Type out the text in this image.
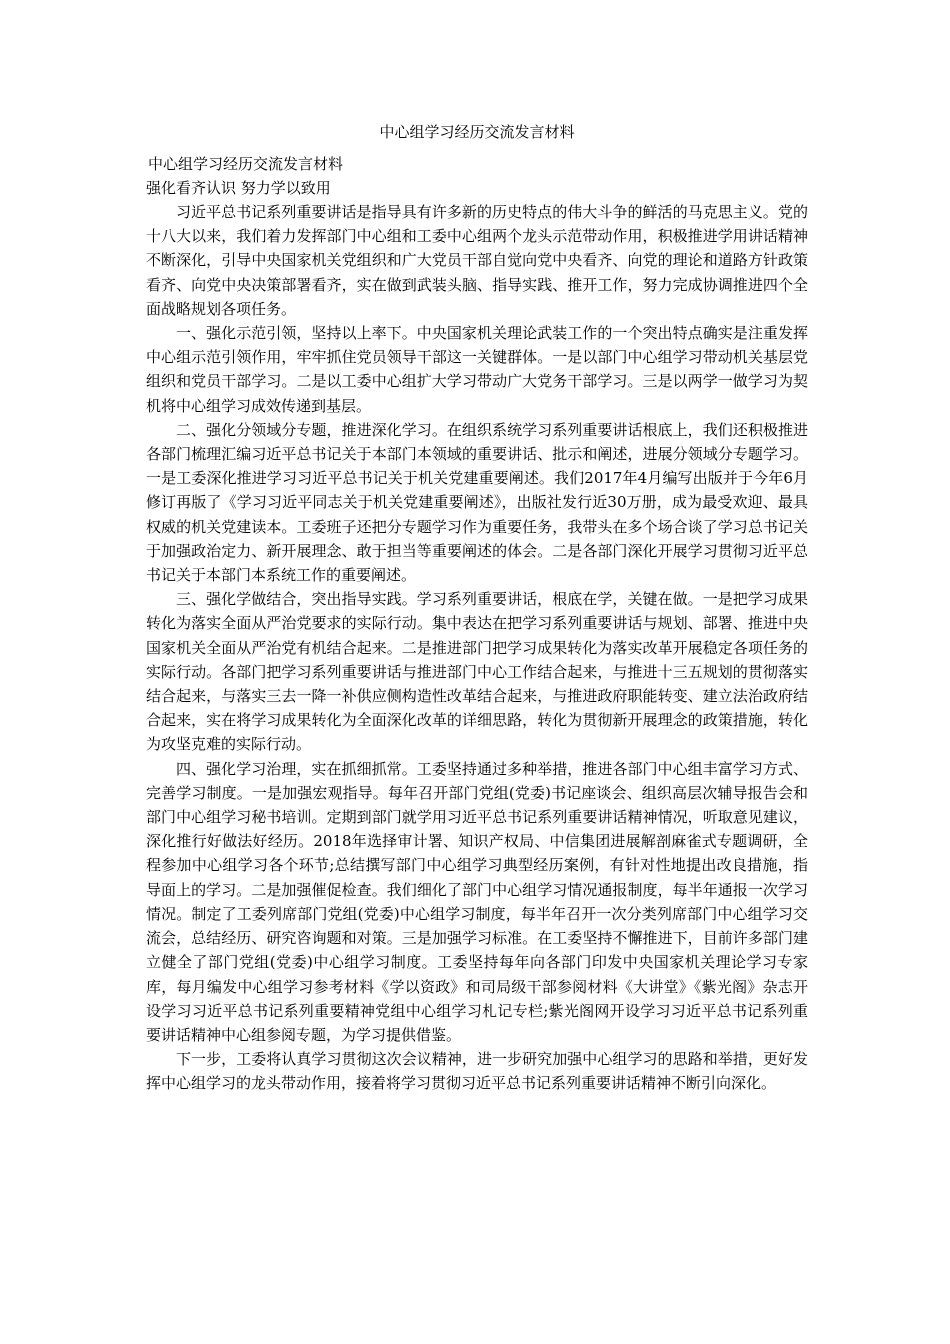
中心组学习经历交流发言材料

中心组学习经历交流发言材料

强化看齐认识 努力学以致用

习近平总书记系列重要讲话是指导具有许多新的历史特点的伟大斗争的鲜活的马克思主义。党的十八大以来，我们着力发挥部门中心组和工委中心组两个龙头示范带动作用，积极推进学用讲话精神不断深化，引导中央国家机关党组织和广大党员干部自觉向党中央看齐、向党的理论和道路方针政策看齐、向党中央决策部署看齐，实在做到武装头脑、指导实践、推开工作，努力完成协调推进四个全面战略规划各项任务。

一、强化示范引领，坚持以上率下。中央国家机关理论武装工作的一个突出特点确实是注重发挥中心组示范引领作用，牢牢抓住党员领导干部这一关键群体。一是以部门中心组学习带动机关基层党组织和党员干部学习。二是以工委中心组扩大学习带动广大党务干部学习。三是以两学一做学习为契机将中心组学习成效传递到基层。

二、强化分领域分专题，推进深化学习。在组织系统学习系列重要讲话根底上，我们还积极推进各部门梳理汇编习近平总书记关于本部门本领域的重要讲话、批示和阐述，进展分领域分专题学习。一是工委深化推进学习习近平总书记关于机关党建重要阐述。我们2017年4月编写出版并于今年6月修订再版了《学习习近平同志关于机关党建重要阐述》，出版社发行近30万册，成为最受欢迎、最具权威的机关党建读本。工委班子还把分专题学习作为重要任务，我带头在多个场合谈了学习总书记关于加强政治定力、新开展理念、敢于担当等重要阐述的体会。二是各部门深化开展学习贯彻习近平总书记关于本部门本系统工作的重要阐述。

三、强化学做结合，突出指导实践。学习系列重要讲话，根底在学，关键在做。一是把学习成果转化为落实全面从严治党要求的实际行动。集中表达在把学习系列重要讲话与规划、部署、推进中央国家机关全面从严治党有机结合起来。二是推进部门把学习成果转化为落实改革开展稳定各项任务的实际行动。各部门把学习系列重要讲话与推进部门中心工作结合起来，与推进十三五规划的贯彻落实结合起来，与落实三去一降一补供应侧构造性改革结合起来，与推进政府职能转变、建立法治政府结合起来，实在将学习成果转化为全面深化改革的详细思路，转化为贯彻新开展理念的政策措施，转化为攻坚克难的实际行动。

四、强化学习治理，实在抓细抓常。工委坚持通过多种举措，推进各部门中心组丰富学习方式、完善学习制度。一是加强宏观指导。每年召开部门党组(党委)书记座谈会、组织高层次辅导报告会和部门中心组学习秘书培训。定期到部门就学用习近平总书记系列重要讲话精神情况，听取意见建议，深化推行好做法好经历。2018年选择审计署、知识产权局、中信集团进展解剖麻雀式专题调研，全程参加中心组学习各个环节;总结撰写部门中心组学习典型经历案例，有针对性地提出改良措施，指导面上的学习。二是加强催促检查。我们细化了部门中心组学习情况通报制度，每半年通报一次学习情况。制定了工委列席部门党组(党委)中心组学习制度，每半年召开一次分类列席部门中心组学习交流会，总结经历、研究咨询题和对策。三是加强学习标准。在工委坚持不懈推进下，目前许多部门建立健全了部门党组(党委)中心组学习制度。工委坚持每年向各部门印发中央国家机关理论学习专家库，每月编发中心组学习参考材料《学以资政》和司局级干部参阅材料《大讲堂》《紫光阁》杂志开设学习习近平总书记系列重要精神党组中心组学习札记专栏;紫光阁网开设学习习近平总书记系列重要讲话精神中心组参阅专题，为学习提供借鉴。

下一步，工委将认真学习贯彻这次会议精神，进一步研究加强中心组学习的思路和举措，更好发挥中心组学习的龙头带动作用，接着将学习贯彻习近平总书记系列重要讲话精神不断引向深化。
